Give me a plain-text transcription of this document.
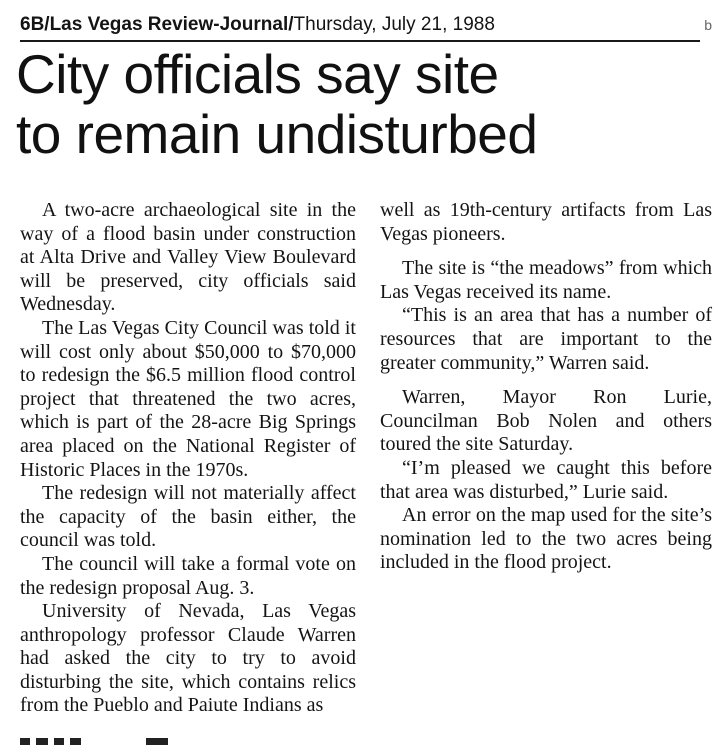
6B/Las Vegas Review-Journal/Thursday, July 21, 1988	b
City officials say site
to remain undisturbed

A two-acre archaeological site in the way of a flood basin under construction at Alta Drive and Valley View Boulevard will be preserved, city officials said Wednesday.

The Las Vegas City Council was told it will cost only about $50,000 to $70,000 to redesign the $6.5 million flood control project that threatened the two acres, which is part of the 28-acre Big Springs area placed on the National Register of Historic Places in the 1970s.

The redesign will not materially affect the capacity of the basin either, the council was told.

The council will take a formal vote on the redesign proposal Aug. 3.

University of Nevada, Las Vegas anthropology professor Claude Warren had asked the city to try to avoid disturbing the site, which contains relics from the Pueblo and Paiute Indians as

well as 19th-century artifacts from Las Vegas pioneers.

The site is “the meadows” from which Las Vegas received its name.

“This is an area that has a number of resources that are important to the greater community,” Warren said.

Warren, Mayor Ron Lurie, Councilman Bob Nolen and others toured the site Saturday.

“I’m pleased we caught this before that area was disturbed,” Lurie said.

An error on the map used for the site’s nomination led to the two acres being included in the flood project.
